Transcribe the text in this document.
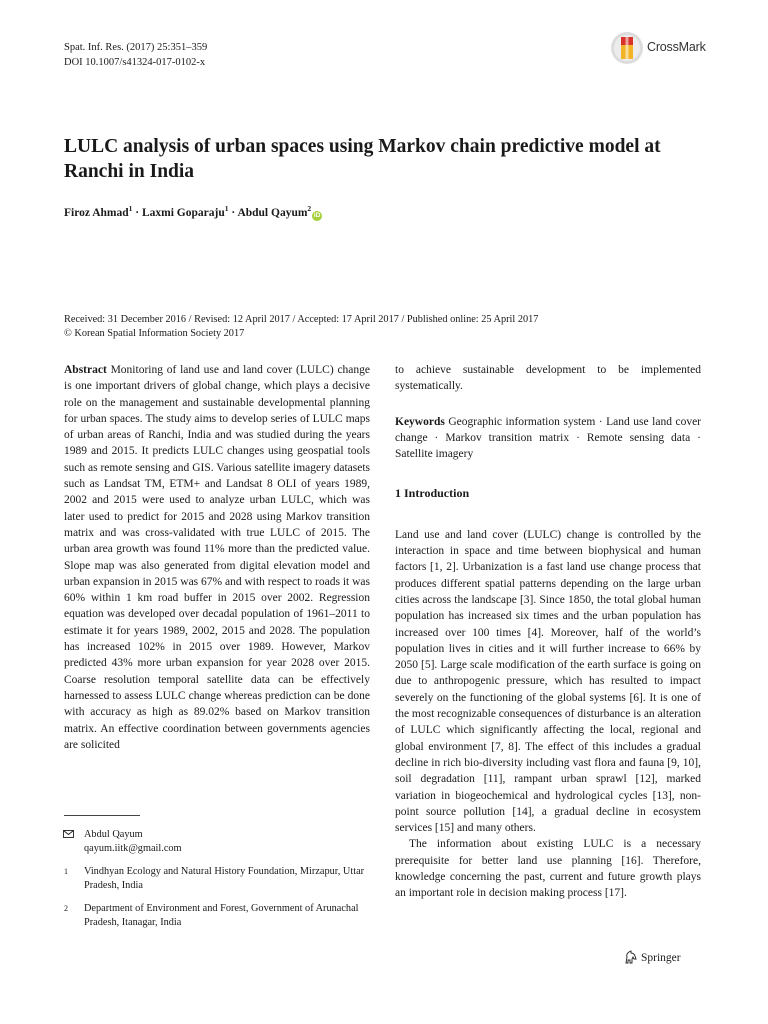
Spat. Inf. Res. (2017) 25:351–359
DOI 10.1007/s41324-017-0102-x
CrossMark
LULC analysis of urban spaces using Markov chain predictive model at Ranchi in India
Firoz Ahmad$^1$ · Laxmi Goparaju$^1$ · Abdul Qayum$^2$iD
Received: 31 December 2016 / Revised: 12 April 2017 / Accepted: 17 April 2017 / Published online: 25 April 2017
© Korean Spatial Information Society 2017

Abstract Monitoring of land use and land cover (LULC) change is one important drivers of global change, which plays a decisive role on the management and sustainable developmental planning for urban spaces. The study aims to develop series of LULC maps of urban areas of Ranchi, India and was studied during the years 1989 and 2015. It predicts LULC changes using geospatial tools such as remote sensing and GIS. Various satellite imagery datasets such as Landsat TM, ETM+ and Landsat 8 OLI of years 1989, 2002 and 2015 were used to analyze urban LULC, which was later used to predict for 2015 and 2028 using Markov transition matrix and was cross-validated with true LULC of 2015. The urban area growth was found 11% more than the predicted value. Slope map was also generated from digital elevation model and urban expansion in 2015 was 67% and with respect to roads it was 60% within 1 km road buffer in 2015 over 2002. Regression equation was developed over decadal population of 1961–2011 to estimate it for years 1989, 2002, 2015 and 2028. The population has increased 102% in 2015 over 1989. However, Markov predicted 43% more urban expansion for year 2028 over 2015. Coarse resolution temporal satellite data can be effectively harnessed to assess LULC change whereas prediction can be done with accuracy as high as 89.02% based on Markov transition matrix. An effective coordination between governments agencies are solicited

to achieve sustainable development to be implemented systematically.

Keywords Geographic information system · Land use land cover change · Markov transition matrix · Remote sensing data · Satellite imagery

1 Introduction

Land use and land cover (LULC) change is controlled by the interaction in space and time between biophysical and human factors [1, 2]. Urbanization is a fast land use change process that produces different spatial patterns depending on the large urban cities across the landscape [3]. Since 1850, the total global human population has increased six times and the urban population has increased over 100 times [4]. Moreover, half of the world’s population lives in cities and it will further increase to 66% by 2050 [5]. Large scale modification of the earth surface is going on due to anthropogenic pressure, which has resulted to impact severely on the functioning of the global systems [6]. It is one of the most recognizable consequences of disturbance is an alteration of LULC which significantly affecting the local, regional and global environment [7, 8]. The effect of this includes a gradual decline in rich bio-diversity including vast flora and fauna [9, 10], soil degradation [11], rampant urban sprawl [12], marked variation in biogeochemical and hydrological cycles [13], non-point source pollution [14], a gradual decline in ecosystem services [15] and many others.

The information about existing LULC is a necessary prerequisite for better land use planning [16]. Therefore, knowledge concerning the past, current and future growth plays an important role in decision making process [17].

Abdul Qayum
qayum.iitk@gmail.com
1 Vindhyan Ecology and Natural History Foundation, Mirzapur, Uttar Pradesh, India
2 Department of Environment and Forest, Government of Arunachal Pradesh, Itanagar, India
Springer
